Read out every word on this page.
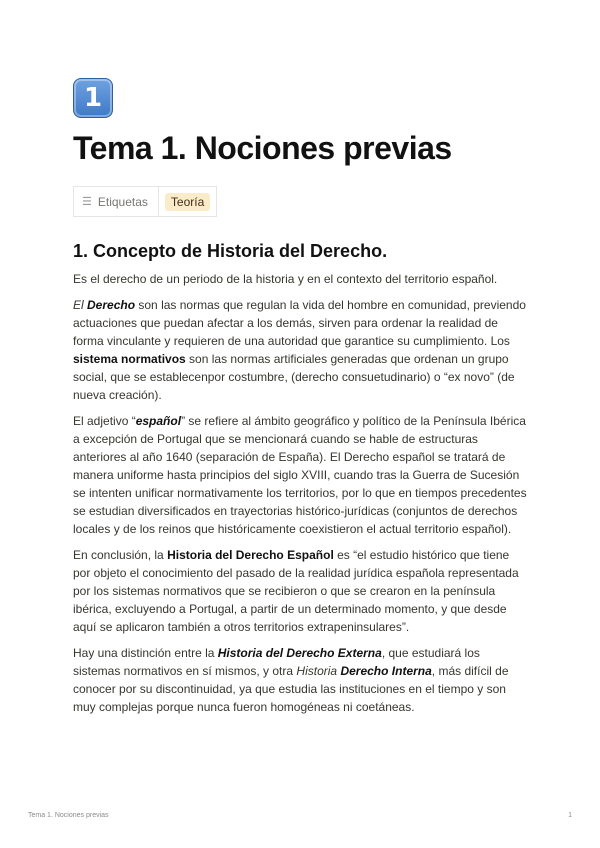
1
Tema 1. Nociones previas
☰ Etiquetas	Teoría
1. Concepto de Historia del Derecho.

Es el derecho de un periodo de la historia y en el contexto del territorio español.

El Derecho son las normas que regulan la vida del hombre en comunidad, previendo actuaciones que puedan afectar a los demás, sirven para ordenar la realidad de forma vinculante y requieren de una autoridad que garantice su cumplimiento. Los sistema normativos son las normas artificiales generadas que ordenan un grupo social, que se establecenpor costumbre, (derecho consuetudinario) o “ex novo” (de nueva creación).

El adjetivo “español” se refiere al ámbito geográfico y político de la Península Ibérica a excepción de Portugal que se mencionará cuando se hable de estructuras anteriores al año 1640 (separación de España). El Derecho español se tratará de manera uniforme hasta principios del siglo XVIII, cuando tras la Guerra de Sucesión se intenten unificar normativamente los territorios, por lo que en tiempos precedentes se estudian diversificados en trayectorias histórico-jurídicas (conjuntos de derechos locales y de los reinos que históricamente coexistieron el actual territorio español).

En conclusión, la Historia del Derecho Español es “el estudio histórico que tiene por objeto el conocimiento del pasado de la realidad jurídica española representada por los sistemas normativos que se recibieron o que se crearon en la península ibérica, excluyendo a Portugal, a partir de un determinado momento, y que desde aquí se aplicaron también a otros territorios extrapeninsulares”.

Hay una distinción entre la Historia del Derecho Externa, que estudiará los sistemas normativos en sí mismos, y otra Historia Derecho Interna, más difícil de conocer por su discontinuidad, ya que estudia las instituciones en el tiempo y son muy complejas porque nunca fueron homogéneas ni coetáneas.

Tema 1. Nociones previas	1
